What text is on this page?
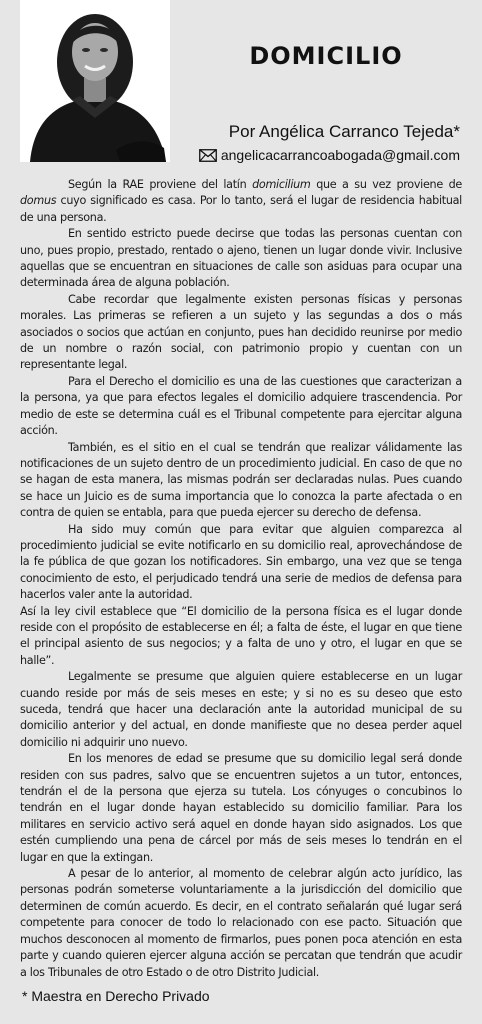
DOMICILIO
Por Angélica Carranco Tejeda*
angelicacarrancoabogada@gmail.com

Según la RAE proviene del latín domicilium que a su vez proviene de domus cuyo significado es casa. Por lo tanto, será el lugar de residencia habitual de una persona.

En sentido estricto puede decirse que todas las personas cuentan con uno, pues propio, prestado, rentado o ajeno, tienen un lugar donde vivir. Inclusive aquellas que se encuentran en situaciones de calle son asiduas para ocupar una determinada área de alguna población.

Cabe recordar que legalmente existen personas físicas y personas morales. Las primeras se refieren a un sujeto y las segundas a dos o más asociados o socios que actúan en conjunto, pues han decidido reunirse por medio de un nombre o razón social, con patrimonio propio y cuentan con un representante legal.

Para el Derecho el domicilio es una de las cuestiones que caracterizan a la persona, ya que para efectos legales el domicilio adquiere trascendencia. Por medio de este se determina cuál es el Tribunal competente para ejercitar alguna acción.

También, es el sitio en el cual se tendrán que realizar válidamente las notificaciones de un sujeto dentro de un procedimiento judicial. En caso de que no se hagan de esta manera, las mismas podrán ser declaradas nulas. Pues cuando se hace un Juicio es de suma importancia que lo conozca la parte afectada o en contra de quien se entabla, para que pueda ejercer su derecho de defensa.

Ha sido muy común que para evitar que alguien comparezca al procedimiento judicial se evite notificarlo en su domicilio real, aprovechándose de la fe pública de que gozan los notificadores. Sin embargo, una vez que se tenga conocimiento de esto, el perjudicado tendrá una serie de medios de defensa para hacerlos valer ante la autoridad.

Así la ley civil establece que “El domicilio de la persona física es el lugar donde reside con el propósito de establecerse en él; a falta de éste, el lugar en que tiene el principal asiento de sus negocios; y a falta de uno y otro, el lugar en que se halle”.

Legalmente se presume que alguien quiere establecerse en un lugar cuando reside por más de seis meses en este; y si no es su deseo que esto suceda, tendrá que hacer una declaración ante la autoridad municipal de su domicilio anterior y del actual, en donde manifieste que no desea perder aquel domicilio ni adquirir uno nuevo.

En los menores de edad se presume que su domicilio legal será donde residen con sus padres, salvo que se encuentren sujetos a un tutor, entonces, tendrán el de la persona que ejerza su tutela. Los cónyuges o concubinos lo tendrán en el lugar donde hayan establecido su domicilio familiar. Para los militares en servicio activo será aquel en donde hayan sido asignados. Los que estén cumpliendo una pena de cárcel por más de seis meses lo tendrán en el lugar en que la extingan.

A pesar de lo anterior, al momento de celebrar algún acto jurídico, las personas podrán someterse voluntariamente a la jurisdicción del domicilio que determinen de común acuerdo. Es decir, en el contrato señalarán qué lugar será competente para conocer de todo lo relacionado con ese pacto. Situación que muchos desconocen al momento de firmarlos, pues ponen poca atención en esta parte y cuando quieren ejercer alguna acción se percatan que tendrán que acudir a los Tribunales de otro Estado o de otro Distrito Judicial.

* Maestra en Derecho Privado
